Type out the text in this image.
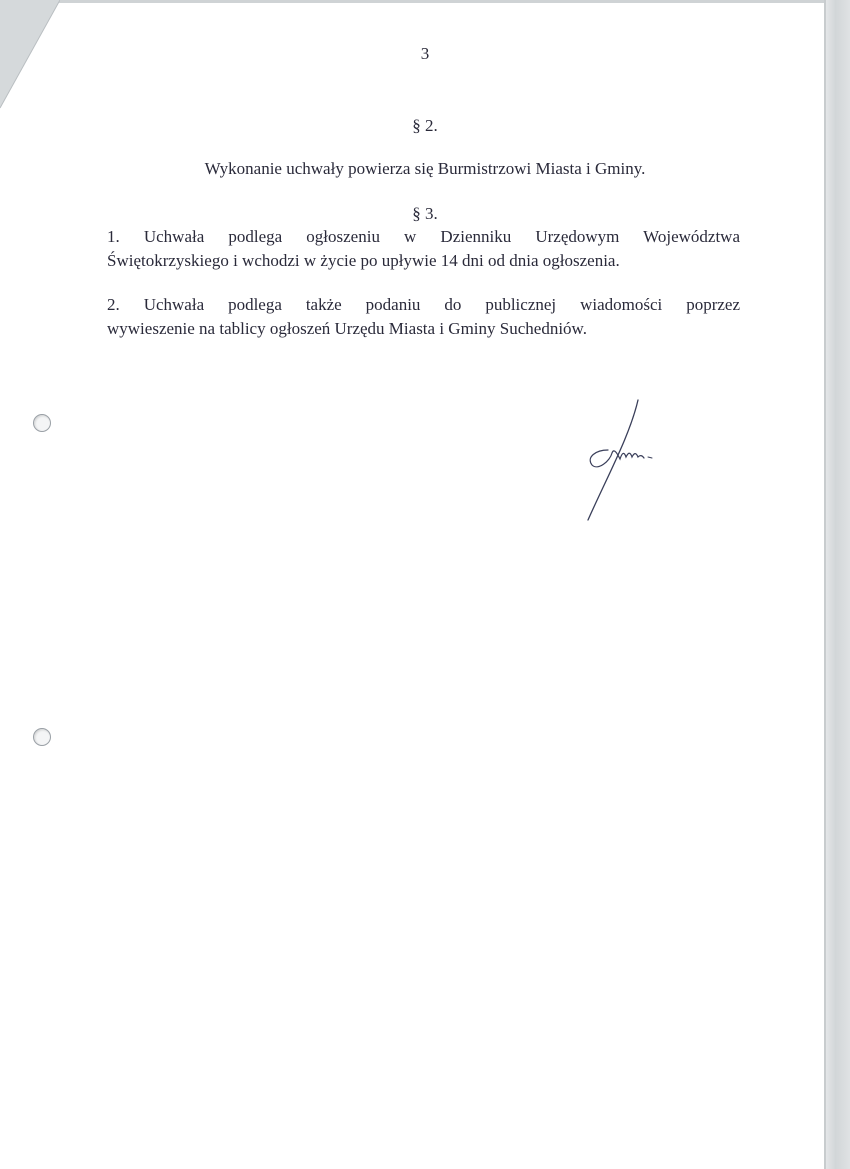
3
§ 2.
Wykonanie uchwały powierza się Burmistrzowi Miasta i Gminy.
§ 3.
1. Uchwała podlega ogłoszeniu w Dzienniku Urzędowym Województwa
Świętokrzyskiego i wchodzi w życie po upływie 14 dni od dnia ogłoszenia.
2. Uchwała podlega także podaniu do publicznej wiadomości poprzez
wywieszenie na tablicy ogłoszeń Urzędu Miasta i Gminy Suchedniów.
